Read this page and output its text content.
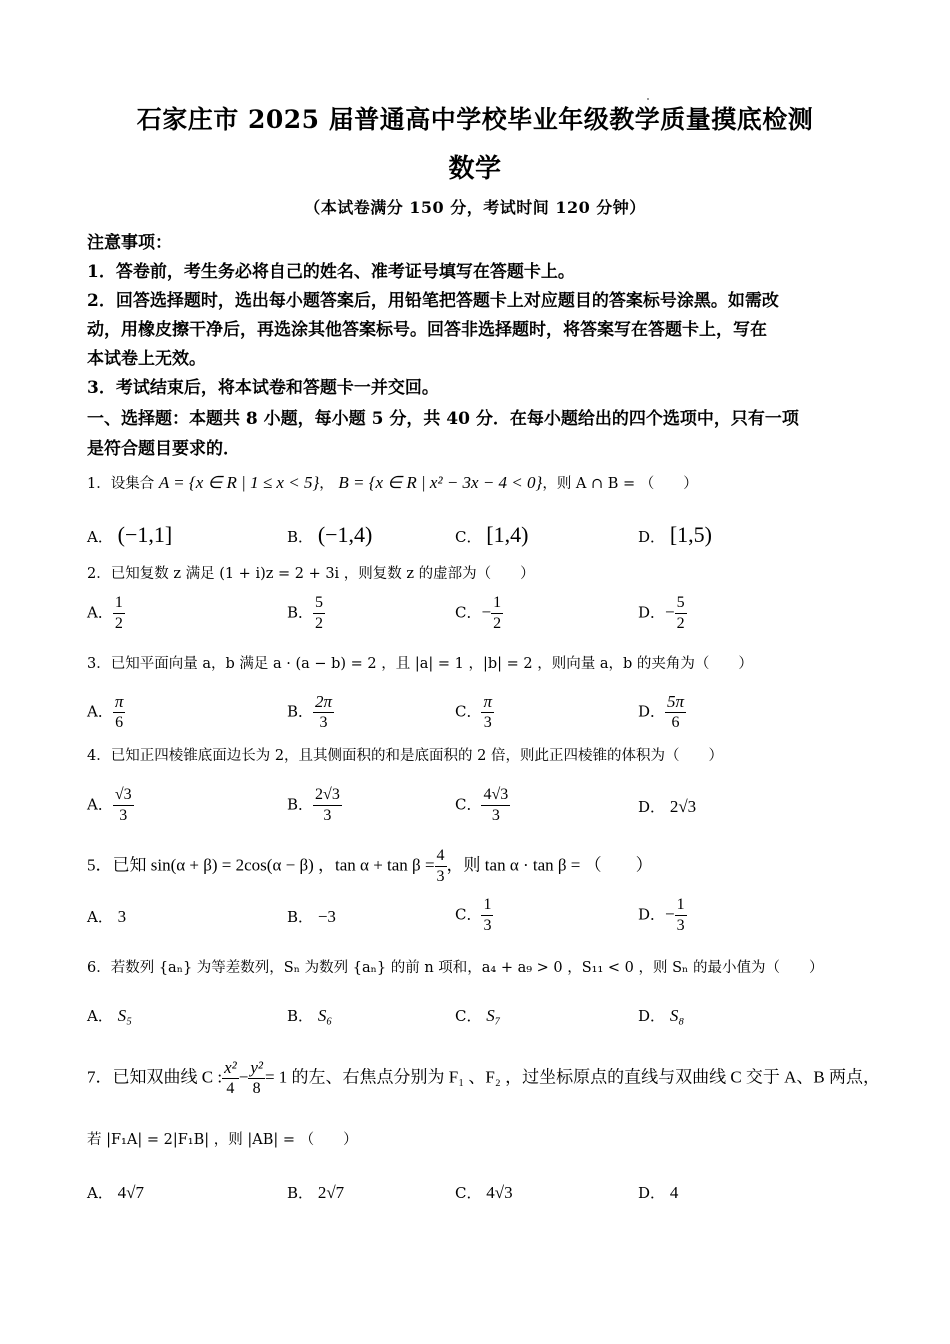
石家庄市 2025 届普通高中学校毕业年级教学质量摸底检测
数学
（本试卷满分 150 分，考试时间 120 分钟）
注意事项：
1．答卷前，考生务必将自己的姓名、准考证号填写在答题卡上。
2．回答选择题时，选出每小题答案后，用铅笔把答题卡上对应题目的答案标号涂黑。如需改
动，用橡皮擦干净后，再选涂其他答案标号。回答非选择题时，将答案写在答题卡上，写在
本试卷上无效。
3．考试结束后，将本试卷和答题卡一并交回。
一、选择题：本题共 8 小题，每小题 5 分，共 40 分．在每小题给出的四个选项中，只有一项
是符合题目要求的．
1．设集合 A = {x ∈ R | 1 ≤ x < 5}， B = {x ∈ R | x² − 3x − 4 < 0}，则 A ∩ B = （　　）
A． (−1,1]	B． (−1,4)	C． [1,4)	D． [1,5)
2．已知复数 z 满足 (1 + i)z = 2 + 3i ，则复数 z 的虚部为（　　）
A． $\frac{1}{2}$	B． $\frac{5}{2}$	C．− $\frac{1}{2}$	D．− $\frac{5}{2}$
3．已知平面向量 a，b 满足 a · (a − b) = 2 ，且 |a| = 1 ，|b| = 2 ，则向量 a，b 的夹角为（　　）
A． $\frac{\pi}{6}$	B． $\frac{2\pi}{3}$	C． $\frac{\pi}{3}$	D． $\frac{5\pi}{6}$
4．已知正四棱锥底面边长为 2，且其侧面积的和是底面积的 2 倍，则此正四棱锥的体积为（　　）
A． $\frac{√3}{3}$	B． $\frac{2√3}{3}$	C． $\frac{4√3}{3}$	D． 2√3
5．已知 sin(α + β) = 2cos(α − β) ，$\tan \alpha + \tan \beta = \frac{4}{3}$ ，则 tan α · tan β = （　　）
A． 3	B． −3	C． $\frac{1}{3}$	D．− $\frac{1}{3}$
6．若数列 {aₙ} 为等差数列，Sₙ 为数列 {aₙ} 的前 n 项和，a₄ + a₉ > 0 ，S₁₁ < 0 ，则 Sₙ 的最小值为（　　）
A． S₅	B． S₆	C． S₇	D． S₈
7．已知双曲线 C : $\frac{\text{x²}}{4} - \frac{\text{y²}}{8} = 1$ 的左、右焦点分别为 F₁ 、F₂ ，过坐标原点的直线与双曲线 C 交于 A、B 两点，
若 |F₁A| = 2|F₁B| ，则 |AB| = （　　）
A． 4√7	B． 2√7	C． 4√3	D． 4
